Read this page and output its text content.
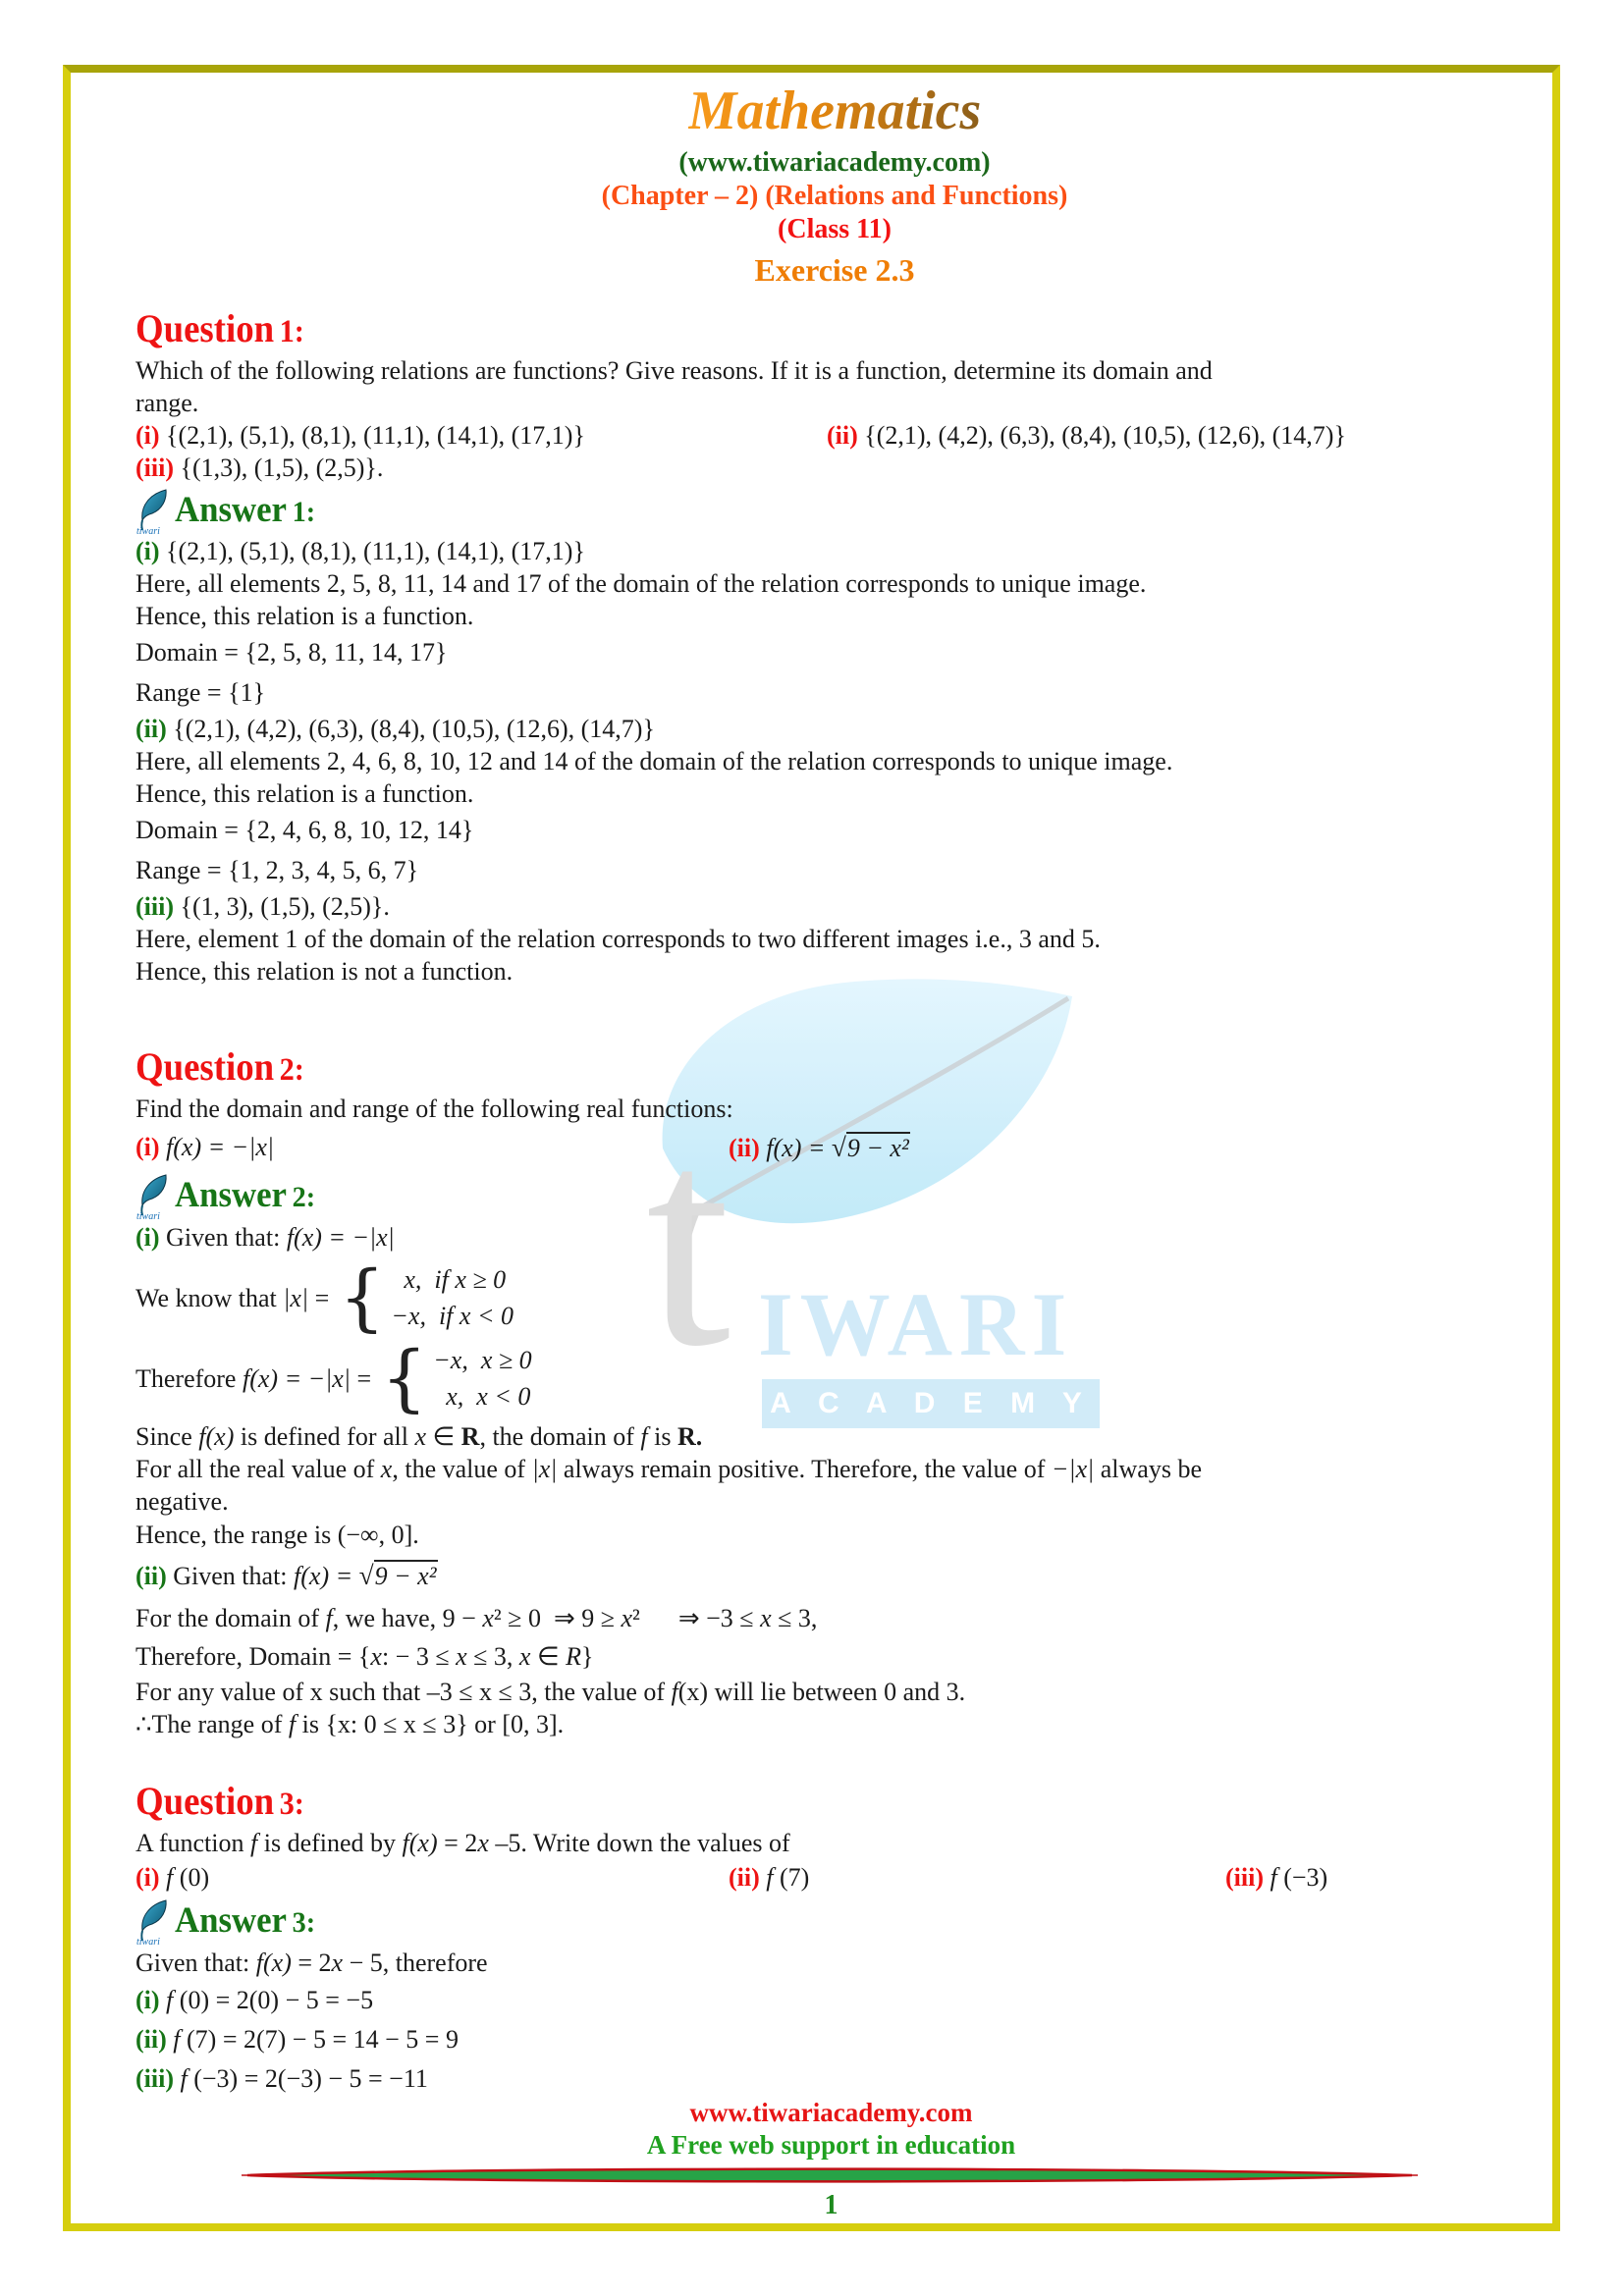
t IWARI
A C A D E M Y
Mathematics
(www.tiwariacademy.com)
(Chapter – 2) (Relations and Functions)
(Class 11)
Exercise 2.3
Question 1:
Which of the following relations are functions? Give reasons. If it is a function, determine its domain and
range.
(i) {(2,1), (5,1), (8,1), (11,1), (14,1), (17,1)}	(ii) {(2,1), (4,2), (6,3), (8,4), (10,5), (12,6), (14,7)}
(iii) {(1,3), (1,5), (2,5)}.
tiwari
Answer 1:
(i) {(2,1), (5,1), (8,1), (11,1), (14,1), (17,1)}
Here, all elements 2, 5, 8, 11, 14 and 17 of the domain of the relation corresponds to unique image.
Hence, this relation is a function.
Domain = {2, 5, 8, 11, 14, 17}
Range = {1}
(ii) {(2,1), (4,2), (6,3), (8,4), (10,5), (12,6), (14,7)}
Here, all elements 2, 4, 6, 8, 10, 12 and 14 of the domain of the relation corresponds to unique image.
Hence, this relation is a function.
Domain = {2, 4, 6, 8, 10, 12, 14}
Range = {1, 2, 3, 4, 5, 6, 7}
(iii) {(1, 3), (1,5), (2,5)}.
Here, element 1 of the domain of the relation corresponds to two different images i.e., 3 and 5.
Hence, this relation is not a function.
Question 2:
Find the domain and range of the following real functions:
(i) f(x) = −|x|	(ii) f(x) = √9 − x²
tiwari
Answer 2:
(i) Given that: f(x) = −|x|
We know that |x| = { x,  if x ≥ 0
−x,  if x < 0
Therefore f(x) = −|x| = { −x,  x ≥ 0
x,  x < 0
Since f(x) is defined for all x ∈ R, the domain of f is R.
For all the real value of x, the value of |x| always remain positive. Therefore, the value of −|x| always be
negative.
Hence, the range is (−∞, 0].
(ii) Given that: f(x) = √9 − x²
For the domain of f, we have, 9 − x² ≥ 0  ⇒ 9 ≥ x²      ⇒ −3 ≤ x ≤ 3,
Therefore, Domain = {x: − 3 ≤ x ≤ 3, x ∈ R}
For any value of x such that –3 ≤ x ≤ 3, the value of f(x) will lie between 0 and 3.
∴The range of f is {x: 0 ≤ x ≤ 3} or [0, 3].
Question 3:
A function f is defined by f(x) = 2x –5. Write down the values of
(i) f (0)	(ii) f (7)	(iii) f (−3)
tiwari
Answer 3:
Given that: f(x) = 2x − 5, therefore
(i) f (0) = 2(0) − 5 = −5
(ii) f (7) = 2(7) − 5 = 14 − 5 = 9
(iii) f (−3) = 2(−3) − 5 = −11
www.tiwariacademy.com
A Free web support in education
1
